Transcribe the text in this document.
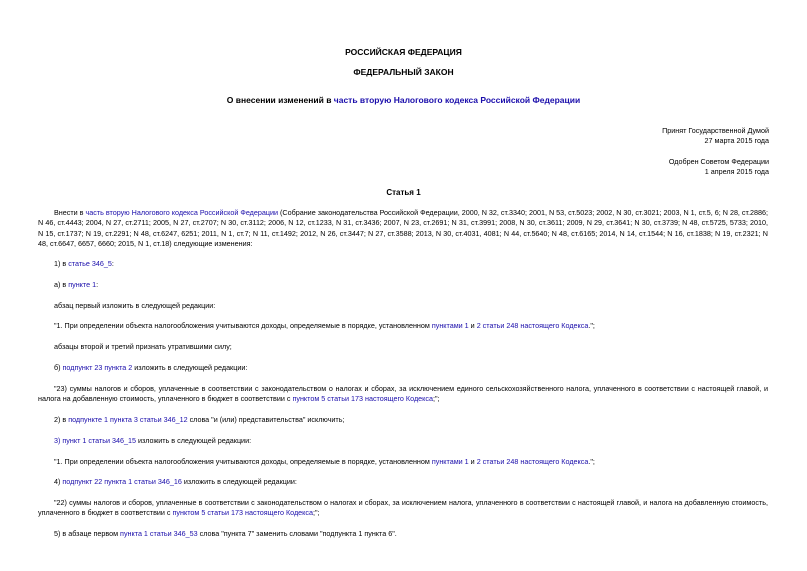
РОССИЙСКАЯ ФЕДЕРАЦИЯ
ФЕДЕРАЛЬНЫЙ ЗАКОН
О внесении изменений в часть вторую Налогового кодекса Российской Федерации
Принят Государственной Думой
27 марта 2015 года
Одобрен Советом Федерации
1 апреля 2015 года
Статья 1
Внести в часть вторую Налогового кодекса Российской Федерации (Собрание законодательства Российской Федерации, 2000, N 32, ст.3340; 2001, N 53, ст.5023; 2002, N 30, ст.3021; 2003, N 1, ст.5, 6; N 28, ст.2886; N 46, ст.4443; 2004, N 27, ст.2711; 2005, N 27, ст.2707; N 30, ст.3112; 2006, N 12, ст.1233, N 31, ст.3436; 2007, N 23, ст.2691; N 31, ст.3991; 2008, N 30, ст.3611; 2009, N 29, ст.3641; N 30, ст.3739; N 48, ст.5725, 5733; 2010, N 15, ст.1737; N 19, ст.2291; N 48, ст.6247, 6251; 2011, N 1, ст.7; N 11, ст.1492; 2012, N 26, ст.3447; N 27, ст.3588; 2013, N 30, ст.4031, 4081; N 44, ст.5640; N 48, ст.6165; 2014, N 14, ст.1544; N 16, ст.1838; N 19, ст.2321; N 48, ст.6647, 6657, 6660; 2015, N 1, ст.18) следующие изменения:
1) в статье 346_5:
а) в пункте 1:
абзац первый изложить в следующей редакции:
"1. При определении объекта налогообложения учитываются доходы, определяемые в порядке, установленном пунктами 1 и 2 статьи 248 настоящего Кодекса.";
абзацы второй и третий признать утратившими силу;
б) подпункт 23 пункта 2 изложить в следующей редакции:
"23) суммы налогов и сборов, уплаченные в соответствии с законодательством о налогах и сборах, за исключением единого сельскохозяйственного налога, уплаченного в соответствии с настоящей главой, и налога на добавленную стоимость, уплаченного в бюджет в соответствии с пунктом 5 статьи 173 настоящего Кодекса;";
2) в подпункте 1 пункта 3 статьи 346_12 слова "и (или) представительства" исключить;
3) пункт 1 статьи 346_15 изложить в следующей редакции:
"1. При определении объекта налогообложения учитываются доходы, определяемые в порядке, установленном пунктами 1 и 2 статьи 248 настоящего Кодекса.";
4) подпункт 22 пункта 1 статьи 346_16 изложить в следующей редакции:
"22) суммы налогов и сборов, уплаченные в соответствии с законодательством о налогах и сборах, за исключением налога, уплаченного в соответствии с настоящей главой, и налога на добавленную стоимость, уплаченного в бюджет в соответствии с пунктом 5 статьи 173 настоящего Кодекса;";
5) в абзаце первом пункта 1 статьи 346_53 слова "пункта 7" заменить словами "подпункта 1 пункта 6".
